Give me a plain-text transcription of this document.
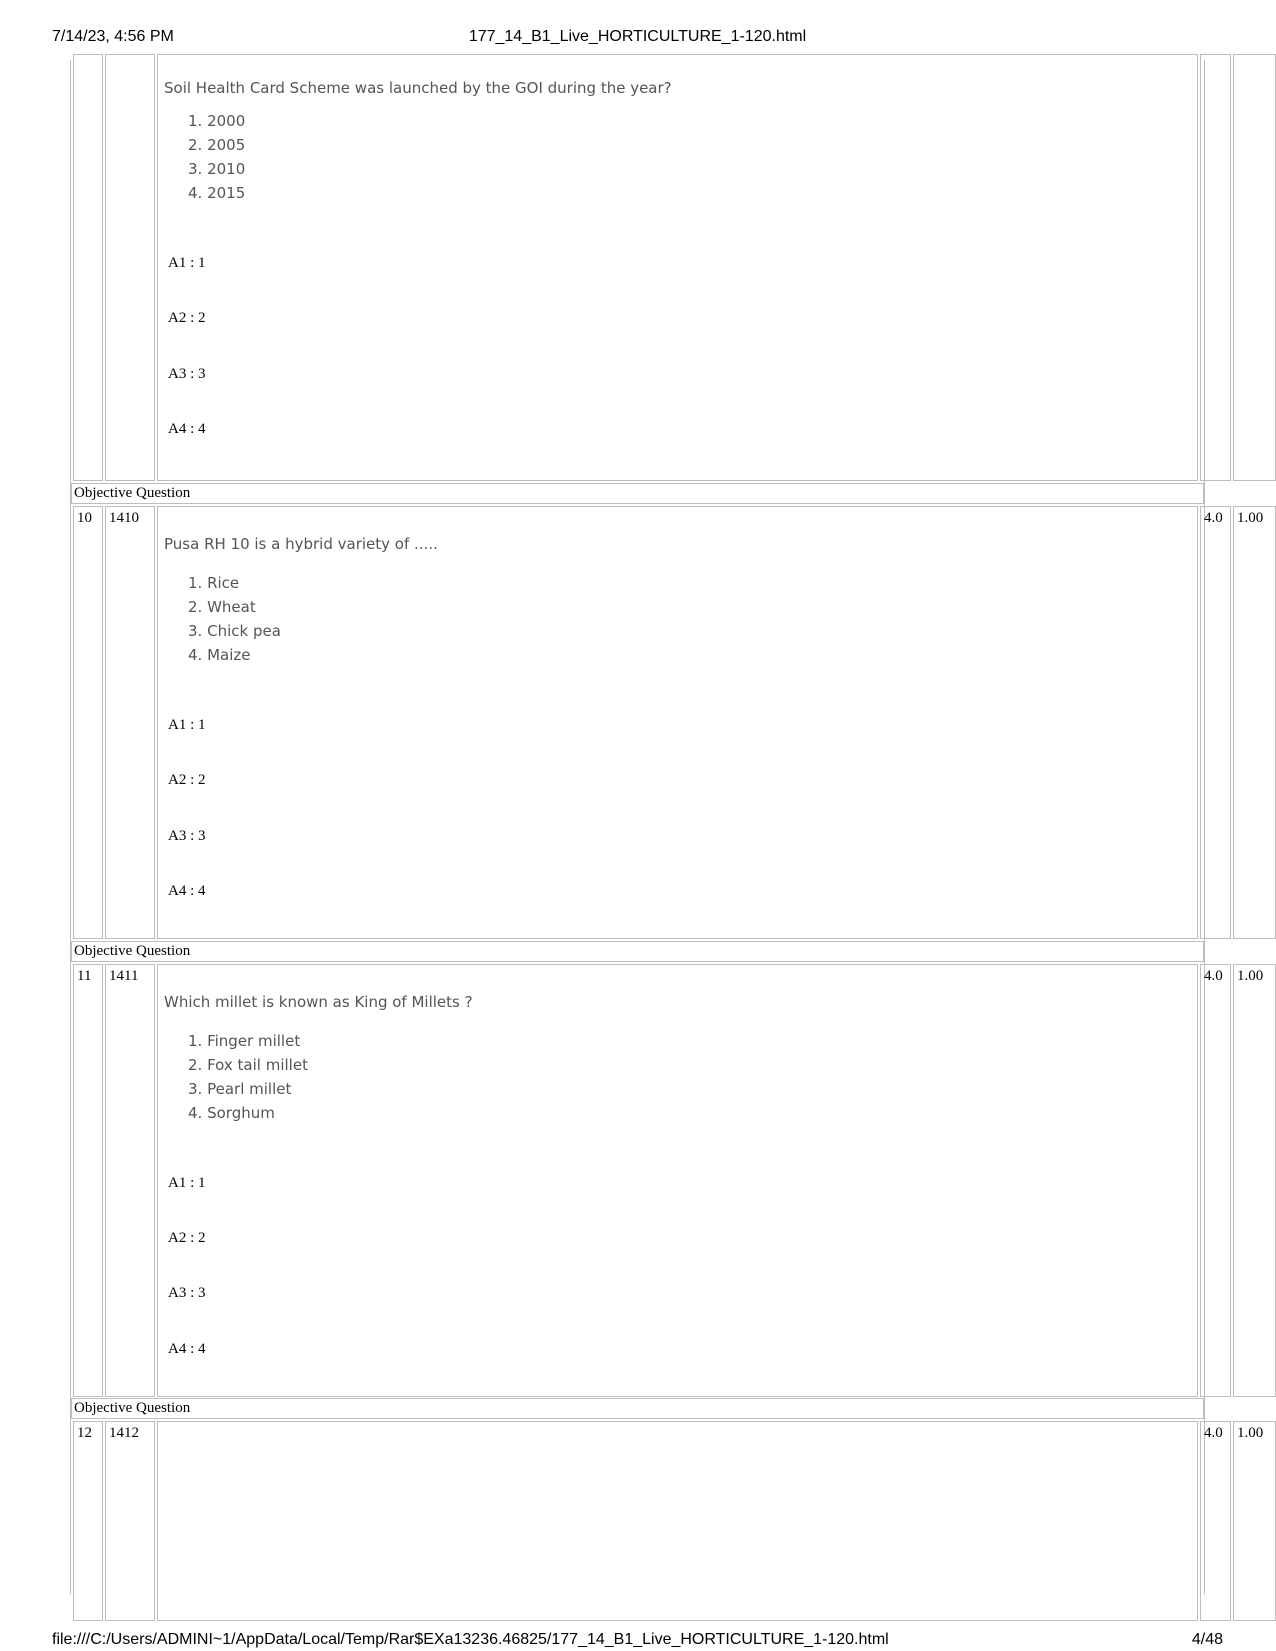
7/14/23, 4:56 PM	177_14_B1_Live_HORTICULTURE_1-120.html
Soil Health Card Scheme was launched by the GOI during the year?
1. 2000
2. 2005
3. 2010
4. 2015
A1 : 1
A2 : 2
A3 : 3
A4 : 4
Objective Question
10 1410
Pusa RH 10 is a hybrid variety of .....
1. Rice
2. Wheat
3. Chick pea
4. Maize
A1 : 1
A2 : 2
A3 : 3
A4 : 4
4.0 1.00
Objective Question
11 1411
Which millet is known as King of Millets ?
1. Finger millet
2. Fox tail millet
3. Pearl millet
4. Sorghum
A1 : 1
A2 : 2
A3 : 3
A4 : 4
4.0 1.00
Objective Question
12 1412	4.0 1.00
file:///C:/Users/ADMINI~1/AppData/Local/Temp/Rar$EXa13236.46825/177_14_B1_Live_HORTICULTURE_1-120.html	4/48
